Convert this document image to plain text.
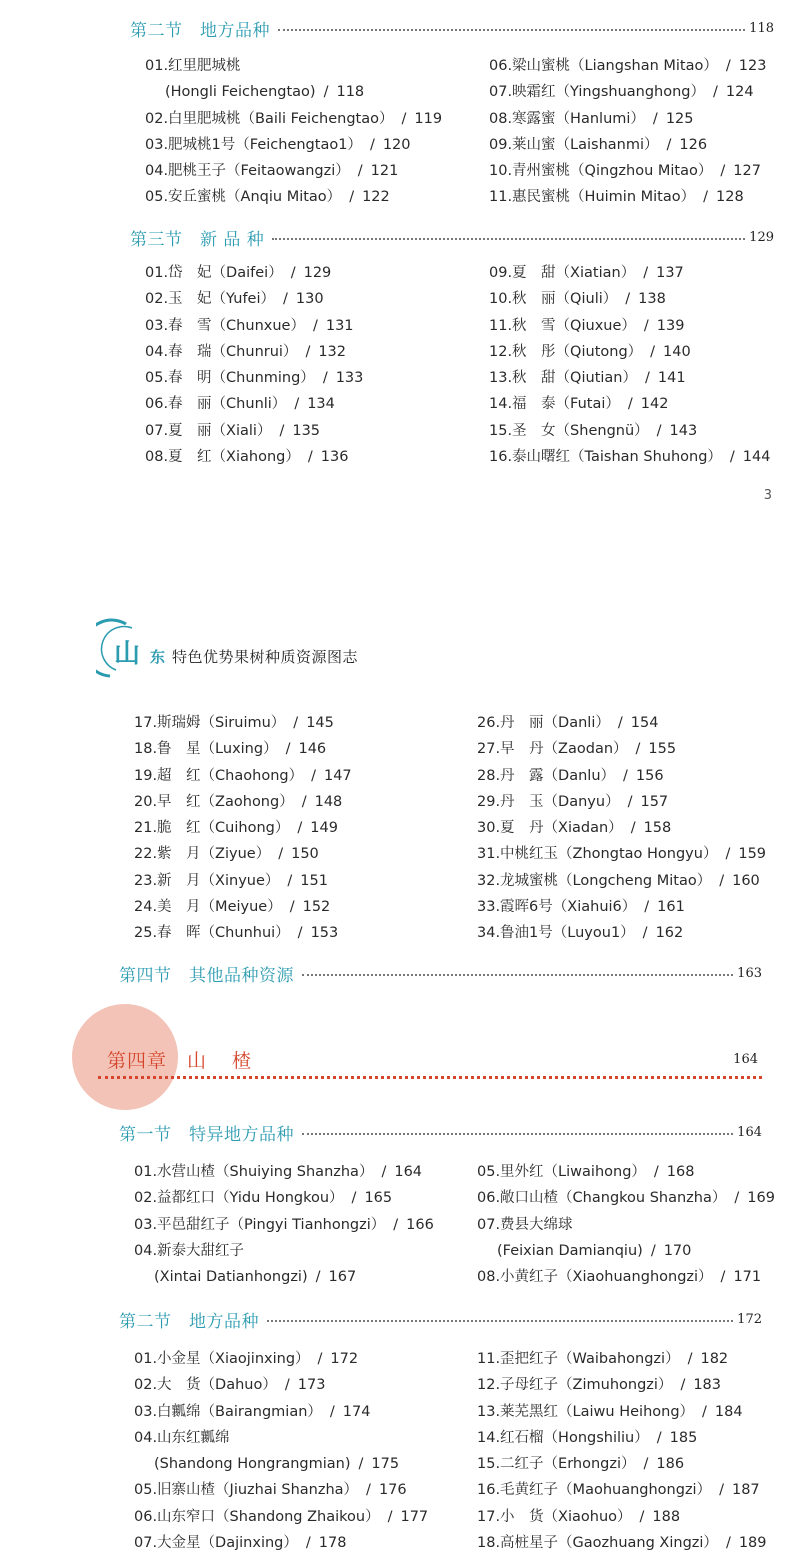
第二节　地方品种	118
01.红里肥城桃
(Hongli Feichengtao) / 118
02.白里肥城桃（Baili Feichengtao） / 119
03.肥城桃1号（Feichengtao1） / 120
04.肥桃王子（Feitaowangzi） / 121
05.安丘蜜桃（Anqiu Mitao） / 122
06.梁山蜜桃（Liangshan Mitao） / 123
07.映霜红（Yingshuanghong） / 124
08.寒露蜜（Hanlumi） / 125
09.莱山蜜（Laishanmi） / 126
10.青州蜜桃（Qingzhou Mitao） / 127
11.惠民蜜桃（Huimin Mitao） / 128
第三节　新 品 种	129
01.岱　妃（Daifei） / 129
02.玉　妃（Yufei） / 130
03.春　雪（Chunxue） / 131
04.春　瑞（Chunrui） / 132
05.春　明（Chunming） / 133
06.春　丽（Chunli） / 134
07.夏　丽（Xiali） / 135
08.夏　红（Xiahong） / 136
09.夏　甜（Xiatian） / 137
10.秋　丽（Qiuli） / 138
11.秋　雪（Qiuxue） / 139
12.秋　彤（Qiutong） / 140
13.秋　甜（Qiutian） / 141
14.福　泰（Futai） / 142
15.圣　女（Shengnü） / 143
16.泰山曙红（Taishan Shuhong） / 144
3
山 东 特色优势果树种质资源图志
17.斯瑞姆（Siruimu） / 145
18.鲁　星（Luxing） / 146
19.超　红（Chaohong） / 147
20.早　红（Zaohong） / 148
21.脆　红（Cuihong） / 149
22.紫　月（Ziyue） / 150
23.新　月（Xinyue） / 151
24.美　月（Meiyue） / 152
25.春　晖（Chunhui） / 153
26.丹　丽（Danli） / 154
27.早　丹（Zaodan） / 155
28.丹　露（Danlu） / 156
29.丹　玉（Danyu） / 157
30.夏　丹（Xiadan） / 158
31.中桃红玉（Zhongtao Hongyu） / 159
32.龙城蜜桃（Longcheng Mitao） / 160
33.霞晖6号（Xiahui6） / 161
34.鲁油1号（Luyou1） / 162
第四节　其他品种资源	163
第四章 山 楂	164
第一节　特异地方品种	164
01.水营山楂（Shuiying Shanzha） / 164
02.益都红口（Yidu Hongkou） / 165
03.平邑甜红子（Pingyi Tianhongzi） / 166
04.新泰大甜红子
(Xintai Datianhongzi) / 167
05.里外红（Liwaihong） / 168
06.敞口山楂（Changkou Shanzha） / 169
07.费县大绵球
(Feixian Damianqiu) / 170
08.小黄红子（Xiaohuanghongzi） / 171
第二节　地方品种	172
01.小金星（Xiaojinxing） / 172
02.大　货（Dahuo） / 173
03.白瓤绵（Bairangmian） / 174
04.山东红瓤绵
(Shandong Hongrangmian) / 175
05.旧寨山楂（Jiuzhai Shanzha） / 176
06.山东窄口（Shandong Zhaikou） / 177
07.大金星（Dajinxing） / 178
11.歪把红子（Waibahongzi） / 182
12.子母红子（Zimuhongzi） / 183
13.莱芜黑红（Laiwu Heihong） / 184
14.红石榴（Hongshiliu） / 185
15.二红子（Erhongzi） / 186
16.毛黄红子（Maohuanghongzi） / 187
17.小　货（Xiaohuo） / 188
18.高桩星子（Gaozhuang Xingzi） / 189
